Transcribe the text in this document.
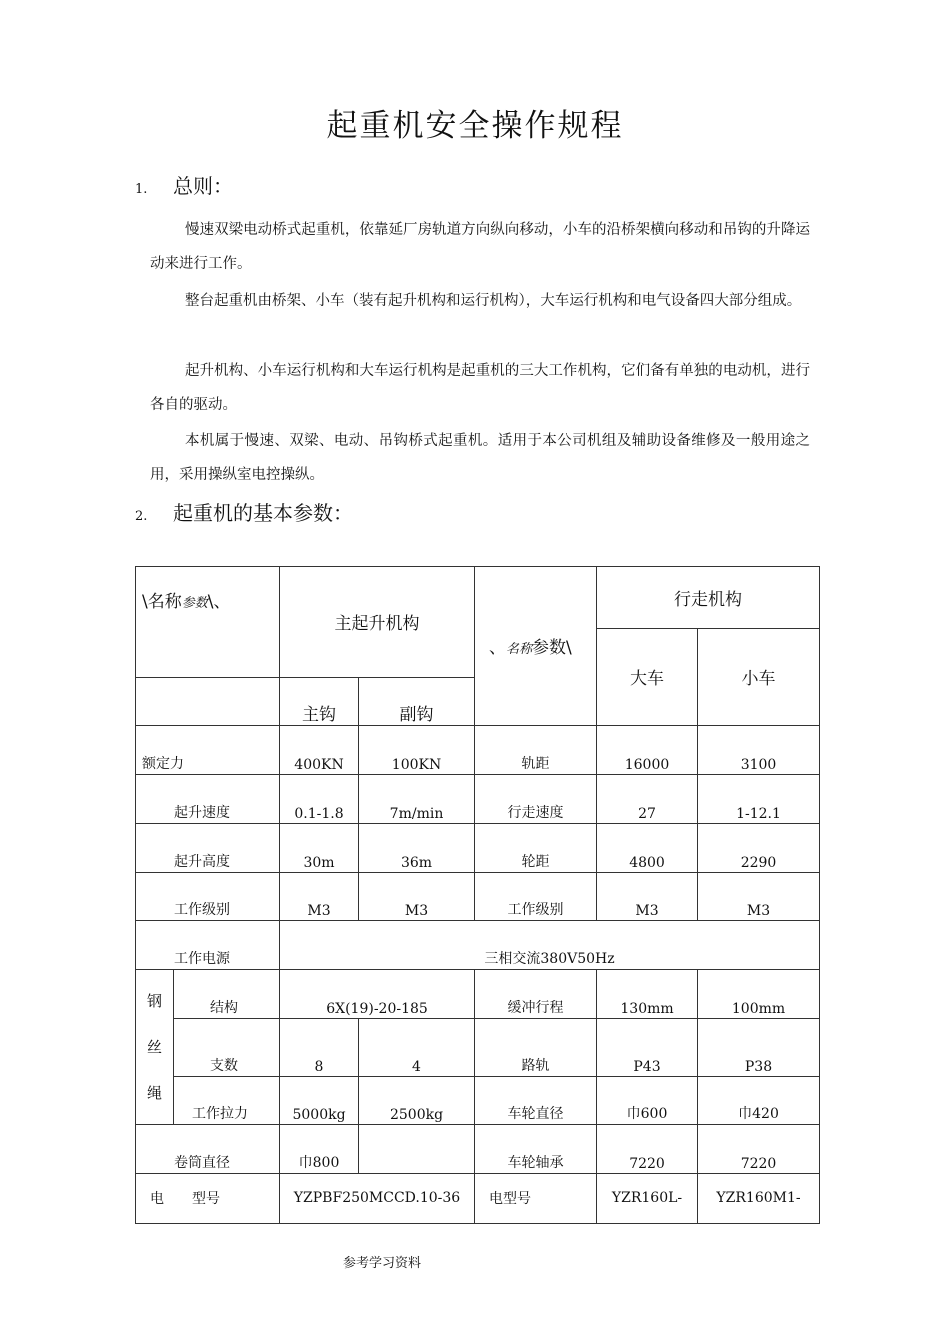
起重机安全操作规程
1. 总则：
慢速双梁电动桥式起重机，依靠延厂房轨道方向纵向移动，小车的沿桥架横向移动和吊钩的升降运动来进行工作。
整台起重机由桥架、小车（装有起升机构和运行机构），大车运行机构和电气设备四大部分组成。
起升机构、小车运行机构和大车运行机构是起重机的三大工作机构，它们备有单独的电动机，进行各自的驱动。
本机属于慢速、双梁、电动、吊钩桥式起重机。适用于本公司机组及辅助设备维修及一般用途之用，采用操纵室电控操纵。
2. 起重机的基本参数：
\名称参数\、		主起升机构		、名称参数\	行走机构	
					大车	小车
		主钩	副钩			
额定力		400KN	100KN	轨距	16000	3100
起升速度		0.1-1.8	7m/min	行走速度	27	1-12.1
起升高度		30m	36m	轮距	4800	2290
工作级别		M3	M3	工作级别	M3	M3
工作电源		三相交流380V50Hz				
钢
丝
绳	结构	6X(19)-20-185		缓冲行程	130mm	100mm
	支数	8	4	路轨	P43	P38
	工作拉力	5000kg	2500kg	车轮直径	巾600	巾420
卷筒直径		巾800		车轮轴承	7220	7220
电 型号		YZPBF250MCCD.10-36		电型号	YZR160L-	YZR160M1-
参考学习资料
